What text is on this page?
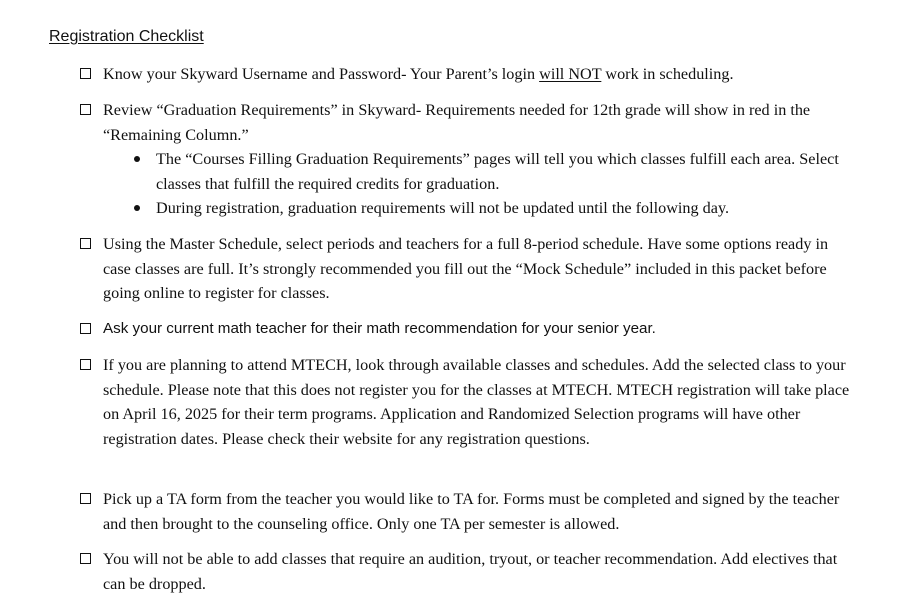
Registration Checklist
Know your Skyward Username and Password- Your Parent’s login will NOT work in scheduling.
Review “Graduation Requirements” in Skyward- Requirements needed for 12th grade will show in red in the “Remaining Column.”
The “Courses Filling Graduation Requirements” pages will tell you which classes fulfill each area. Select classes that fulfill the required credits for graduation.
During registration, graduation requirements will not be updated until the following day.
Using the Master Schedule, select periods and teachers for a full 8-period schedule. Have some options ready in case classes are full. It’s strongly recommended you fill out the “Mock Schedule” included in this packet before going online to register for classes.
Ask your current math teacher for their math recommendation for your senior year.
If you are planning to attend MTECH, look through available classes and schedules. Add the selected class to your schedule. Please note that this does not register you for the classes at MTECH. MTECH registration will take place on April 16, 2025 for their term programs. Application and Randomized Selection programs will have other registration dates. Please check their website for any registration questions.
Pick up a TA form from the teacher you would like to TA for. Forms must be completed and signed by the teacher and then brought to the counseling office. Only one TA per semester is allowed.
You will not be able to add classes that require an audition, tryout, or teacher recommendation. Add electives that can be dropped.
